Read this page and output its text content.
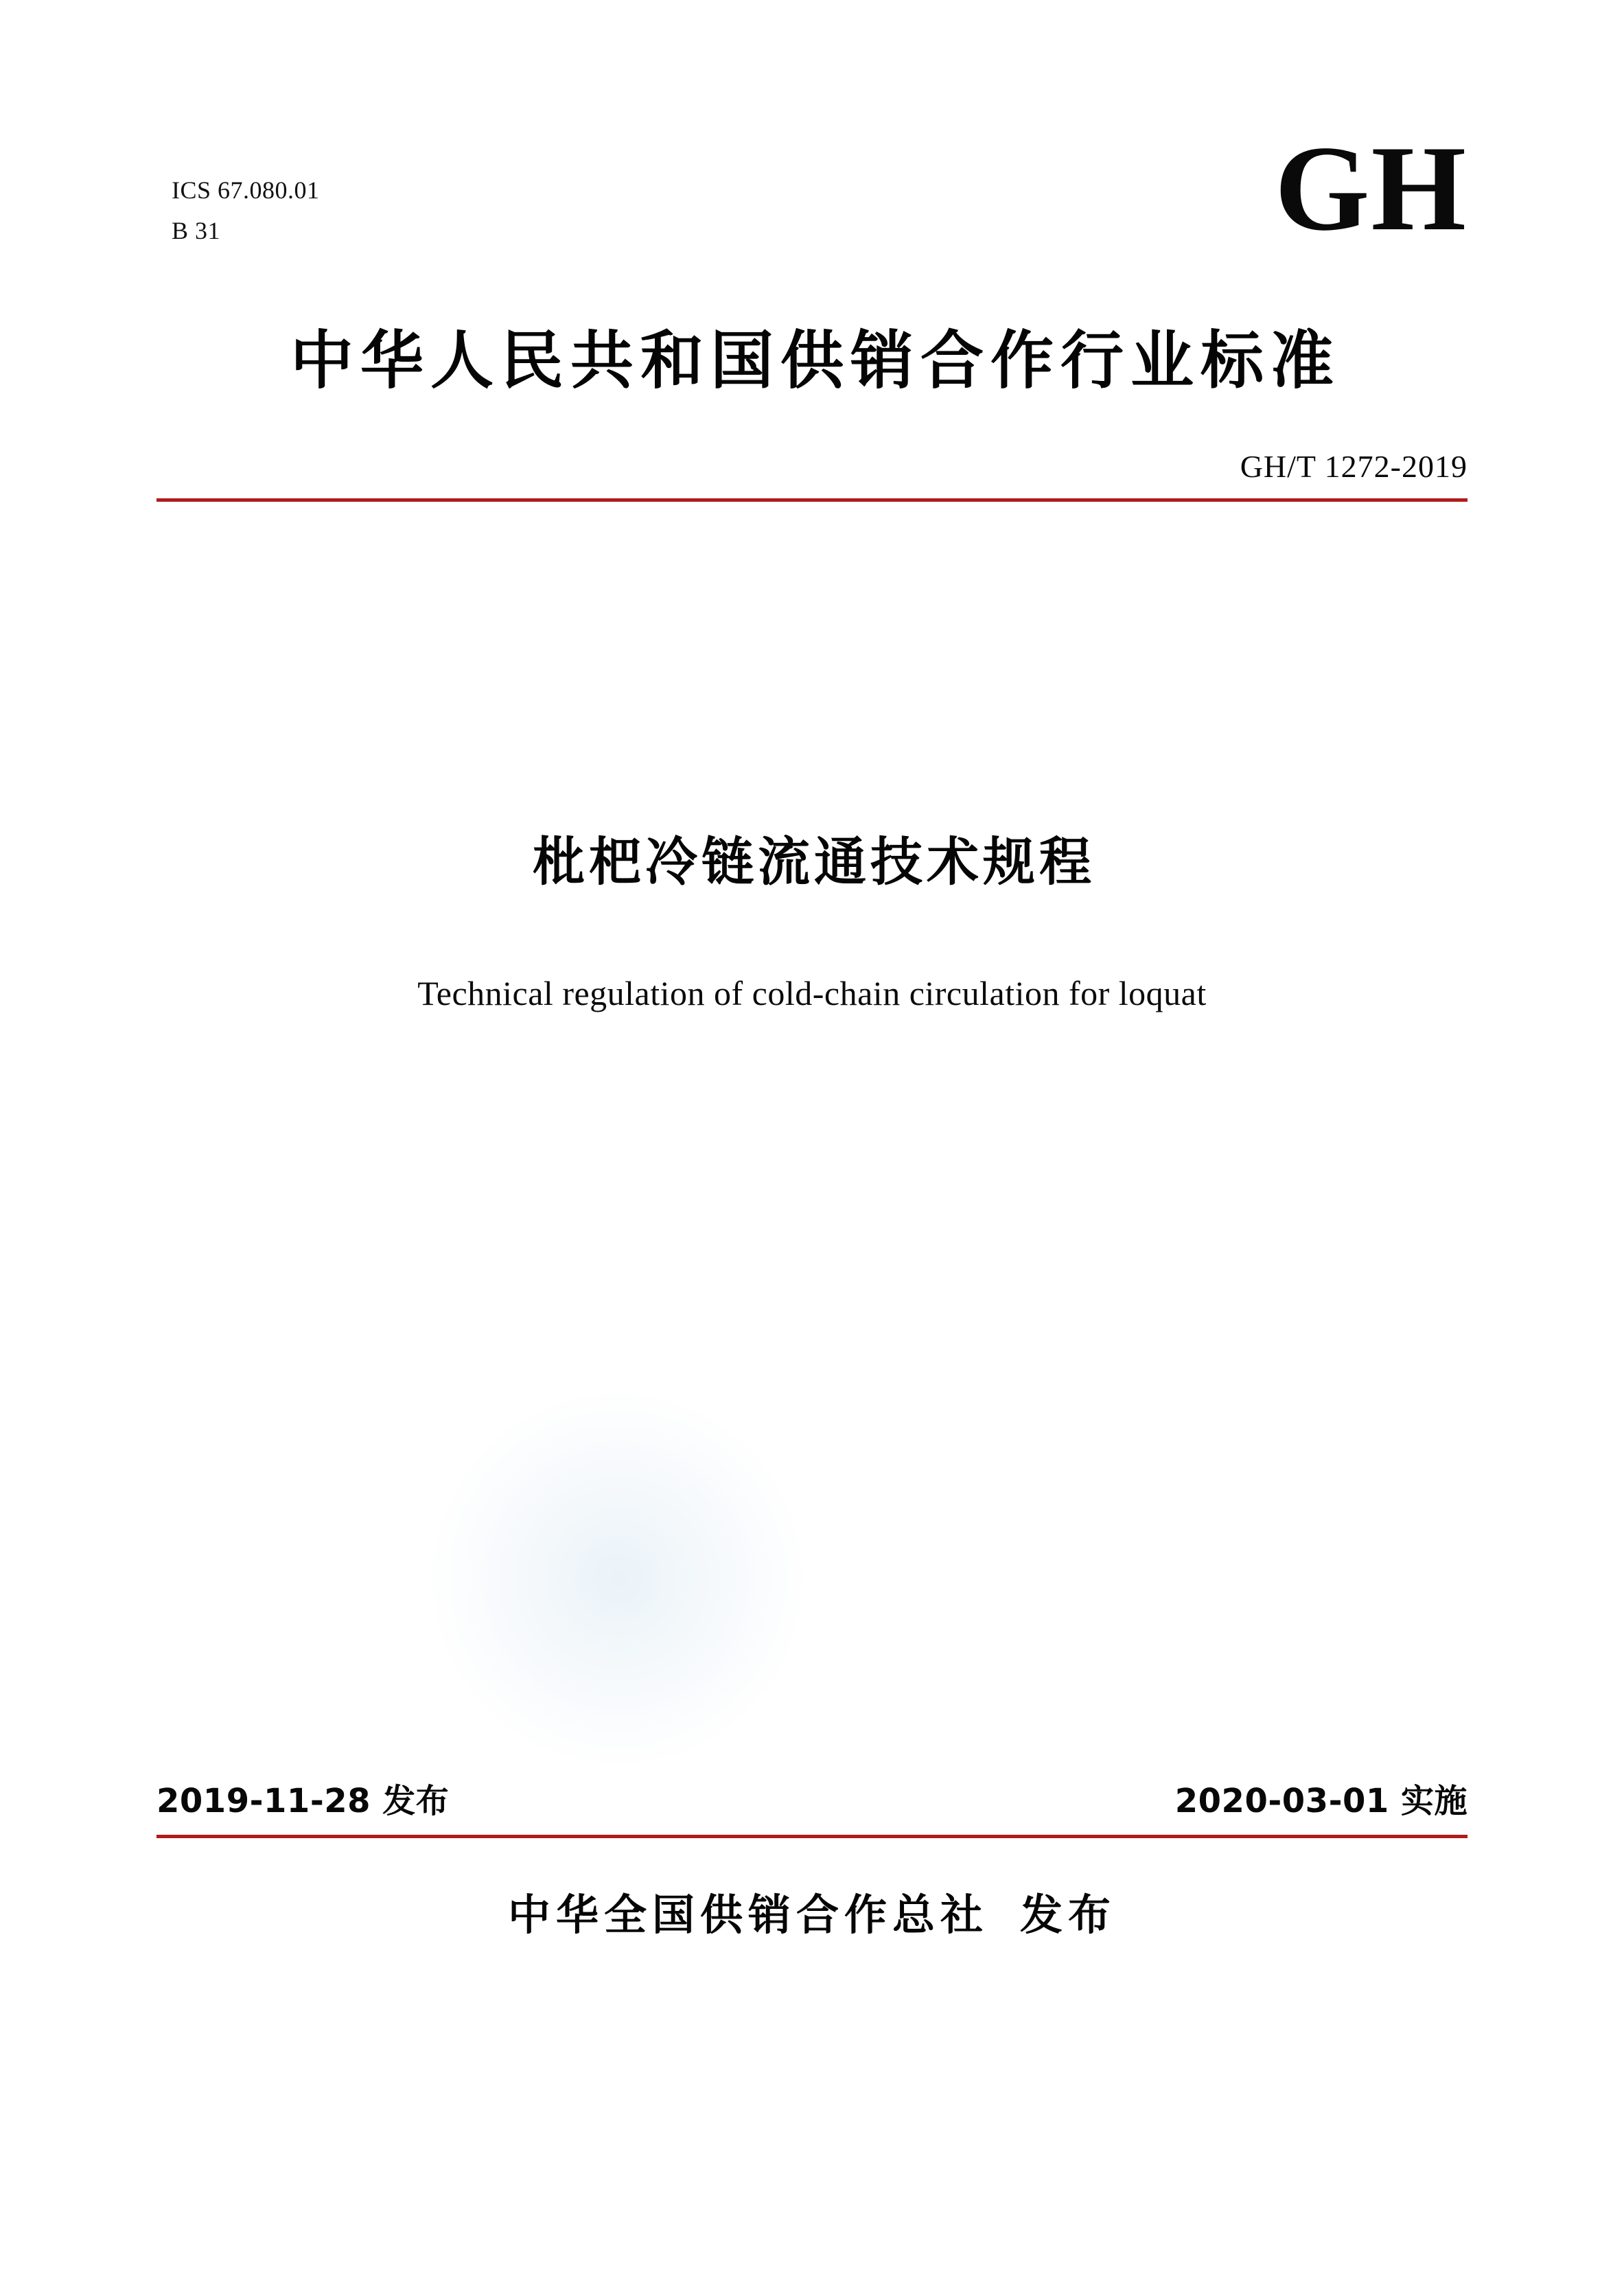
ICS 67.080.01
B 31	GH
中华人民共和国供销合作行业标准
GH/T 1272-2019
枇杷冷链流通技术规程
Technical regulation of cold-chain circulation for loquat
2019-11-28 发布	2020-03-01 实施
中华全国供销合作总社 发布
